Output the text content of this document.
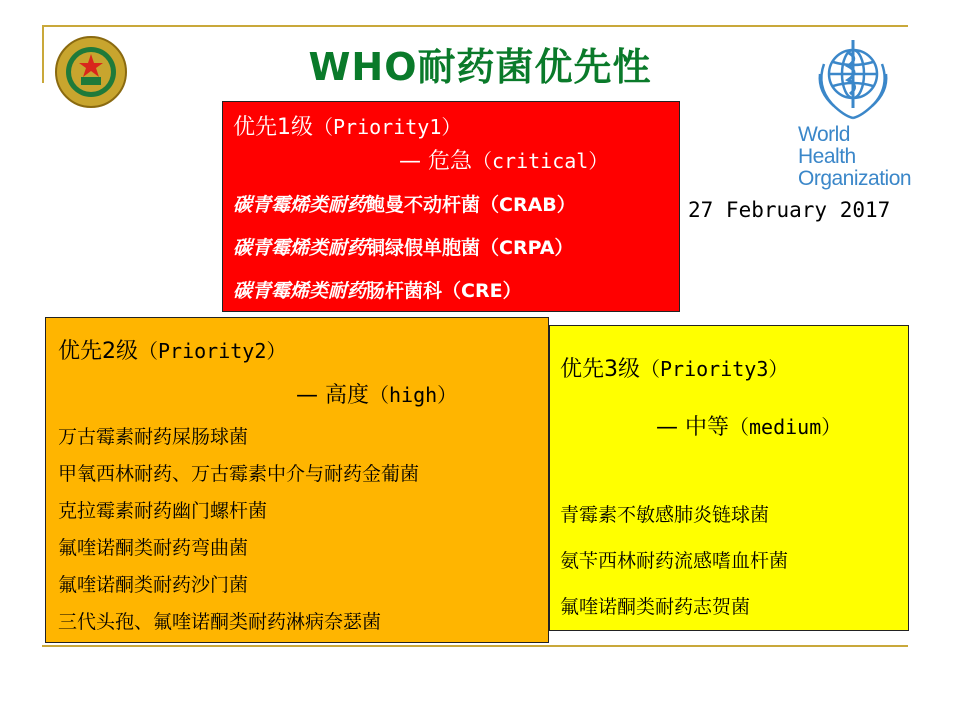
WHO耐药菌优先性
World Health
Organization
27 February 2017
优先1级（Priority1）
— 危急（critical）
碳青霉烯类耐药鲍曼不动杆菌（CRAB）
碳青霉烯类耐药铜绿假单胞菌（CRPA）
碳青霉烯类耐药肠杆菌科（CRE）
优先2级（Priority2）
— 高度（high）
万古霉素耐药屎肠球菌
甲氧西林耐药、万古霉素中介与耐药金葡菌
克拉霉素耐药幽门螺杆菌
氟喹诺酮类耐药弯曲菌
氟喹诺酮类耐药沙门菌
三代头孢、氟喹诺酮类耐药淋病奈瑟菌
优先3级（Priority3）
— 中等（medium）
青霉素不敏感肺炎链球菌
氨苄西林耐药流感嗜血杆菌
氟喹诺酮类耐药志贺菌
